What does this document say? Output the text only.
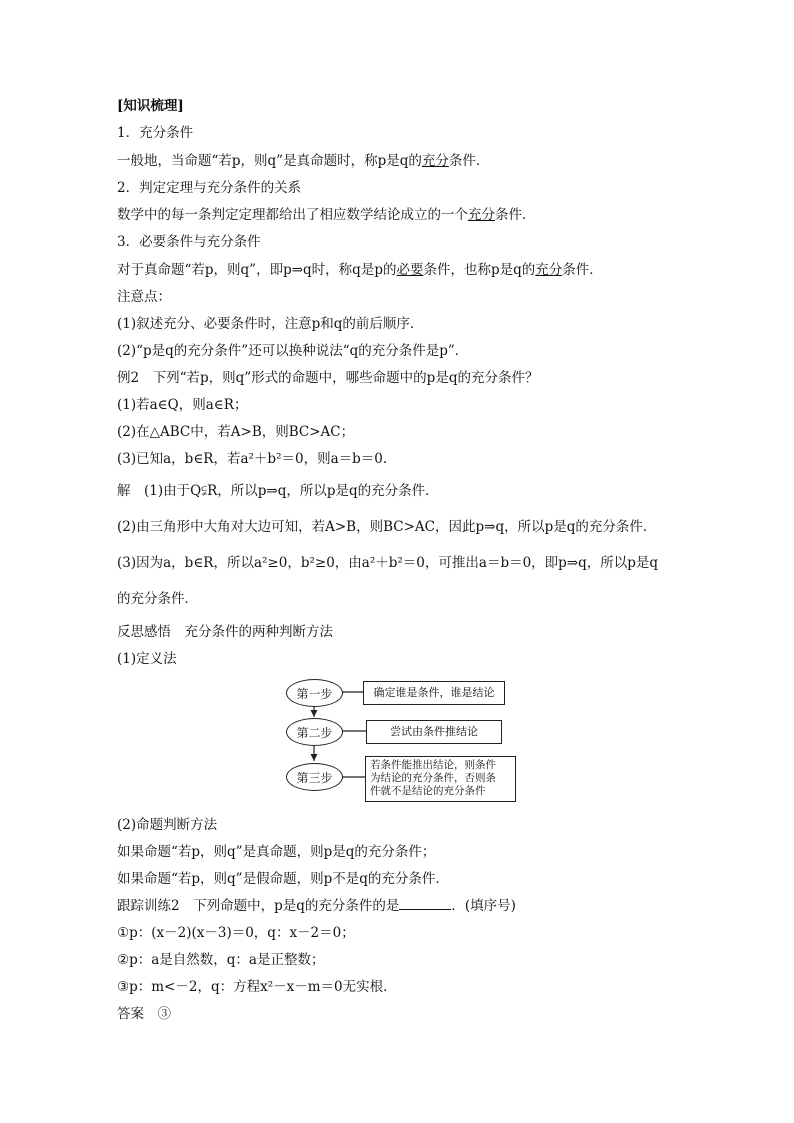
[知识梳理]
1．充分条件
一般地，当命题“若p，则q”是真命题时，称p是q的充分条件．
2．判定定理与充分条件的关系
数学中的每一条判定定理都给出了相应数学结论成立的一个充分条件．
3．必要条件与充分条件
对于真命题“若p，则q”，即p⇒q时，称q是p的必要条件，也称p是q的充分条件．
注意点：
(1)叙述充分、必要条件时，注意p和q的前后顺序．
(2)“p是q的充分条件”还可以换种说法“q的充分条件是p”．
例2　下列“若p，则q”形式的命题中，哪些命题中的p是q的充分条件？
(1)若a∈Q，则a∈R；
(2)在△ABC中，若A>B，则BC>AC；
(3)已知a，b∈R，若a²＋b²＝0，则a＝b＝0.
解　(1)由于Q⫋R，所以p⇒q，所以p是q的充分条件．
(2)由三角形中大角对大边可知，若A>B，则BC>AC，因此p⇒q，所以p是q的充分条件．
(3)因为a，b∈R，所以a²≥0，b²≥0，由a²＋b²＝0，可推出a＝b＝0，即p⇒q，所以p是q
的充分条件．
反思感悟　充分条件的两种判断方法
(1)定义法
第一步
第二步
第三步
确定谁是条件，谁是结论
尝试由条件推结论
若条件能推出结论，则条件
为结论的充分条件，否则条
件就不是结论的充分条件
(2)命题判断方法
如果命题“若p，则q”是真命题，则p是q的充分条件；
如果命题“若p，则q”是假命题，则p不是q的充分条件．
跟踪训练2　下列命题中，p是q的充分条件的是	．(填序号)
①p：(x－2)(x－3)＝0，q：x－2＝0；
②p：a是自然数，q：a是正整数；
③p：m<－2，q：方程x²－x－m＝0无实根．
答案　③
